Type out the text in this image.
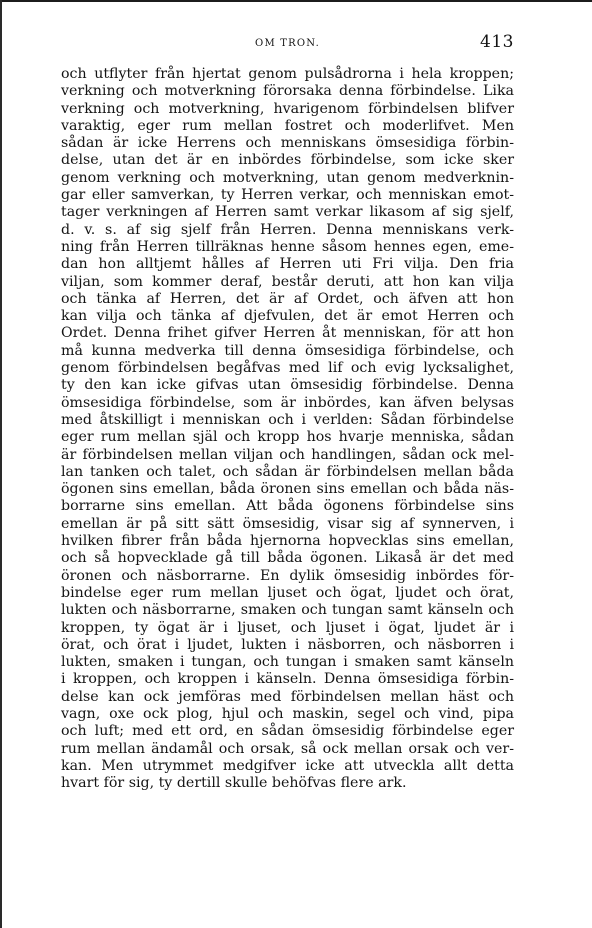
OM TRON.	413
och utflyter från hjertat genom pulsådrorna i hela kroppen;
verkning och motverkning förorsaka denna förbindelse. Lika
verkning och motverkning, hvarigenom förbindelsen blifver
varaktig, eger rum mellan fostret och moderlifvet. Men
sådan är icke Herrens och menniskans ömsesidiga förbin-
delse, utan det är en inbördes förbindelse, som icke sker
genom verkning och motverkning, utan genom medverknin-
gar eller samverkan, ty Herren verkar, och menniskan emot-
tager verkningen af Herren samt verkar likasom af sig sjelf,
d. v. s. af sig sjelf från Herren. Denna menniskans verk-
ning från Herren tillräknas henne såsom hennes egen, eme-
dan hon alltjemt hålles af Herren uti Fri vilja. Den fria
viljan, som kommer deraf, består deruti, att hon kan vilja
och tänka af Herren, det är af Ordet, och äfven att hon
kan vilja och tänka af djefvulen, det är emot Herren och
Ordet. Denna frihet gifver Herren åt menniskan, för att hon
må kunna medverka till denna ömsesidiga förbindelse, och
genom förbindelsen begåfvas med lif och evig lycksalighet,
ty den kan icke gifvas utan ömsesidig förbindelse. Denna
ömsesidiga förbindelse, som är inbördes, kan äfven belysas
med åtskilligt i menniskan och i verlden: Sådan förbindelse
eger rum mellan själ och kropp hos hvarje menniska, sådan
är förbindelsen mellan viljan och handlingen, sådan ock mel-
lan tanken och talet, och sådan är förbindelsen mellan båda
ögonen sins emellan, båda öronen sins emellan och båda näs-
borrarne sins emellan. Att båda ögonens förbindelse sins
emellan är på sitt sätt ömsesidig, visar sig af synnerven, i
hvilken fibrer från båda hjernorna hopvecklas sins emellan,
och så hopvecklade gå till båda ögonen. Likaså är det med
öronen och näsborrarne. En dylik ömsesidig inbördes för-
bindelse eger rum mellan ljuset och ögat, ljudet och örat,
lukten och näsborrarne, smaken och tungan samt känseln och
kroppen, ty ögat är i ljuset, och ljuset i ögat, ljudet är i
örat, och örat i ljudet, lukten i näsborren, och näsborren i
lukten, smaken i tungan, och tungan i smaken samt känseln
i kroppen, och kroppen i känseln. Denna ömsesidiga förbin-
delse kan ock jemföras med förbindelsen mellan häst och
vagn, oxe ock plog, hjul och maskin, segel och vind, pipa
och luft; med ett ord, en sådan ömsesidig förbindelse eger
rum mellan ändamål och orsak, så ock mellan orsak och ver-
kan. Men utrymmet medgifver icke att utveckla allt detta
hvart för sig, ty dertill skulle behöfvas flere ark.
